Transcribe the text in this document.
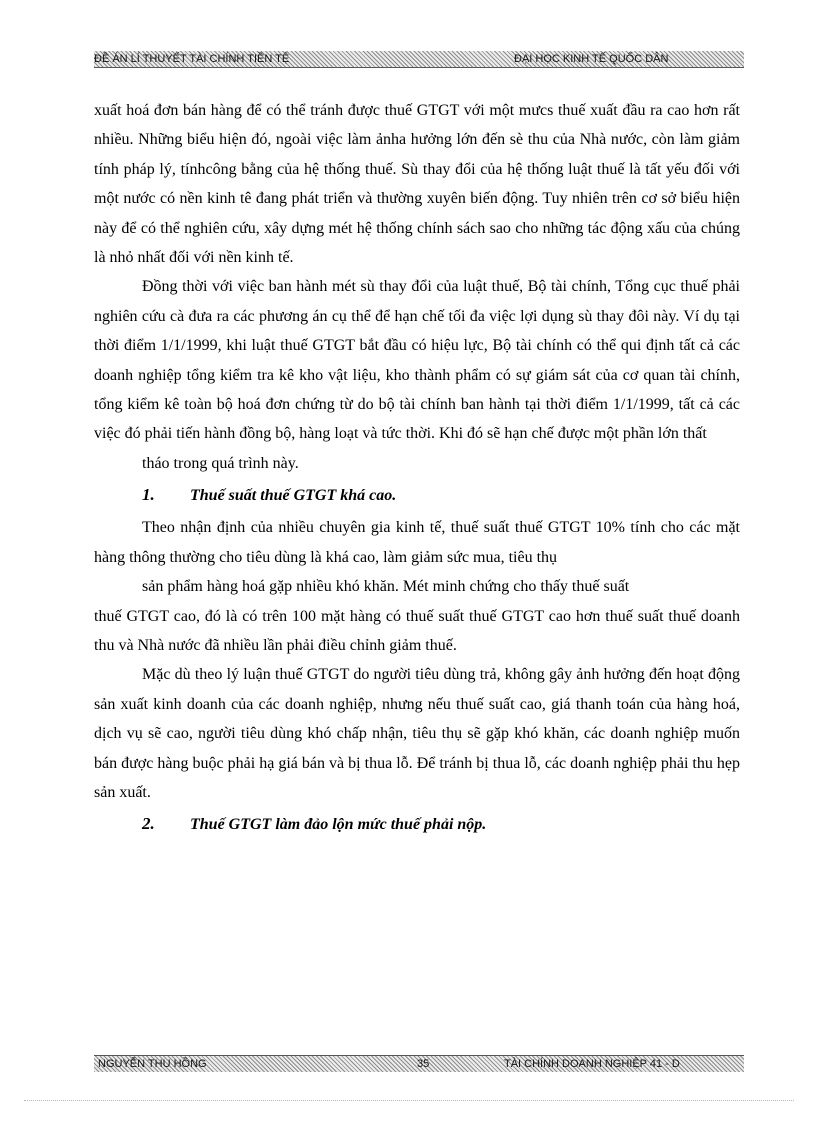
ĐỀ ÁN LÍ THUYẾT TÀI CHÍNH TIỀN TỆ	ĐẠI HỌC KINH TẾ QUỐC DÂN

xuất hoá đơn bán hàng để có thể tránh được thuế GTGT với một mưcs thuế xuất đầu ra cao hơn rất nhiều. Những biểu hiện đó, ngoài việc làm ảnha hưởng lớn đến sè thu của Nhà nước, còn làm giảm tính pháp lý, tínhcông bằng của hệ thống thuế. Sù thay đổi của hệ thống luật thuế là tất yếu đối với một nước có nền kinh tê đang phát triển và thường xuyên biến động. Tuy nhiên trên cơ sở biểu hiện này để có thể nghiên cứu, xây dựng mét hệ thống chính sách sao cho những tác động xấu của chúng là nhỏ nhất đối với nền kinh tế.

Đồng thời với việc ban hành mét sù thay đổi của luật thuế, Bộ tài chính, Tổng cục thuế phải nghiên cứu cà đưa ra các phương án cụ thể để hạn chế tối đa việc lợi dụng sù thay đôi này. Ví dụ tại thời điểm 1/1/1999, khi luật thuế GTGT bắt đầu có hiệu lực, Bộ tài chính có thể qui định tất cả các doanh nghiệp tổng kiểm tra kê kho vật liệu, kho thành phẩm có sự giám sát của cơ quan tài chính, tổng kiểm kê toàn bộ hoá đơn chứng từ do bộ tài chính ban hành tại thời điểm 1/1/1999, tất cả các việc đó phải tiến hành đồng bộ, hàng loạt và tức thời. Khi đó sẽ hạn chế được một phần lớn thất

tháo trong quá trình này.

1.	Thuế suất thuế GTGT khá cao.

Theo nhận định của nhiều chuyên gia kinh tế, thuế suất thuế GTGT 10% tính cho các mặt hàng thông thường cho tiêu dùng là khá cao, làm giảm sức mua, tiêu thụ

sản phẩm hàng hoá gặp nhiều khó khăn. Mét minh chứng cho thấy thuế suất

thuế GTGT cao, đó là có trên 100 mặt hàng có thuế suất thuế GTGT cao hơn thuế suất thuế doanh thu và Nhà nước đã nhiều lần phải điều chỉnh giảm thuế.

Mặc dù theo lý luận thuế GTGT do người tiêu dùng trả, không gây ảnh hưởng đến hoạt động sản xuất kinh doanh của các doanh nghiệp, nhưng nếu thuế suất cao, giá thanh toán của hàng hoá, dịch vụ sẽ cao, người tiêu dùng khó chấp nhận, tiêu thụ sẽ gặp khó khăn, các doanh nghiệp muốn bán được hàng buộc phải hạ giá bán và bị thua lỗ. Để tránh bị thua lỗ, các doanh nghiệp phải thu hẹp sản xuất.

2.	Thuế GTGT làm đảo lộn mức thuế phải nộp.
NGUYỄN THU HỒNG	35	TÀI CHÍNH DOANH NGHIỆP 41 - D
